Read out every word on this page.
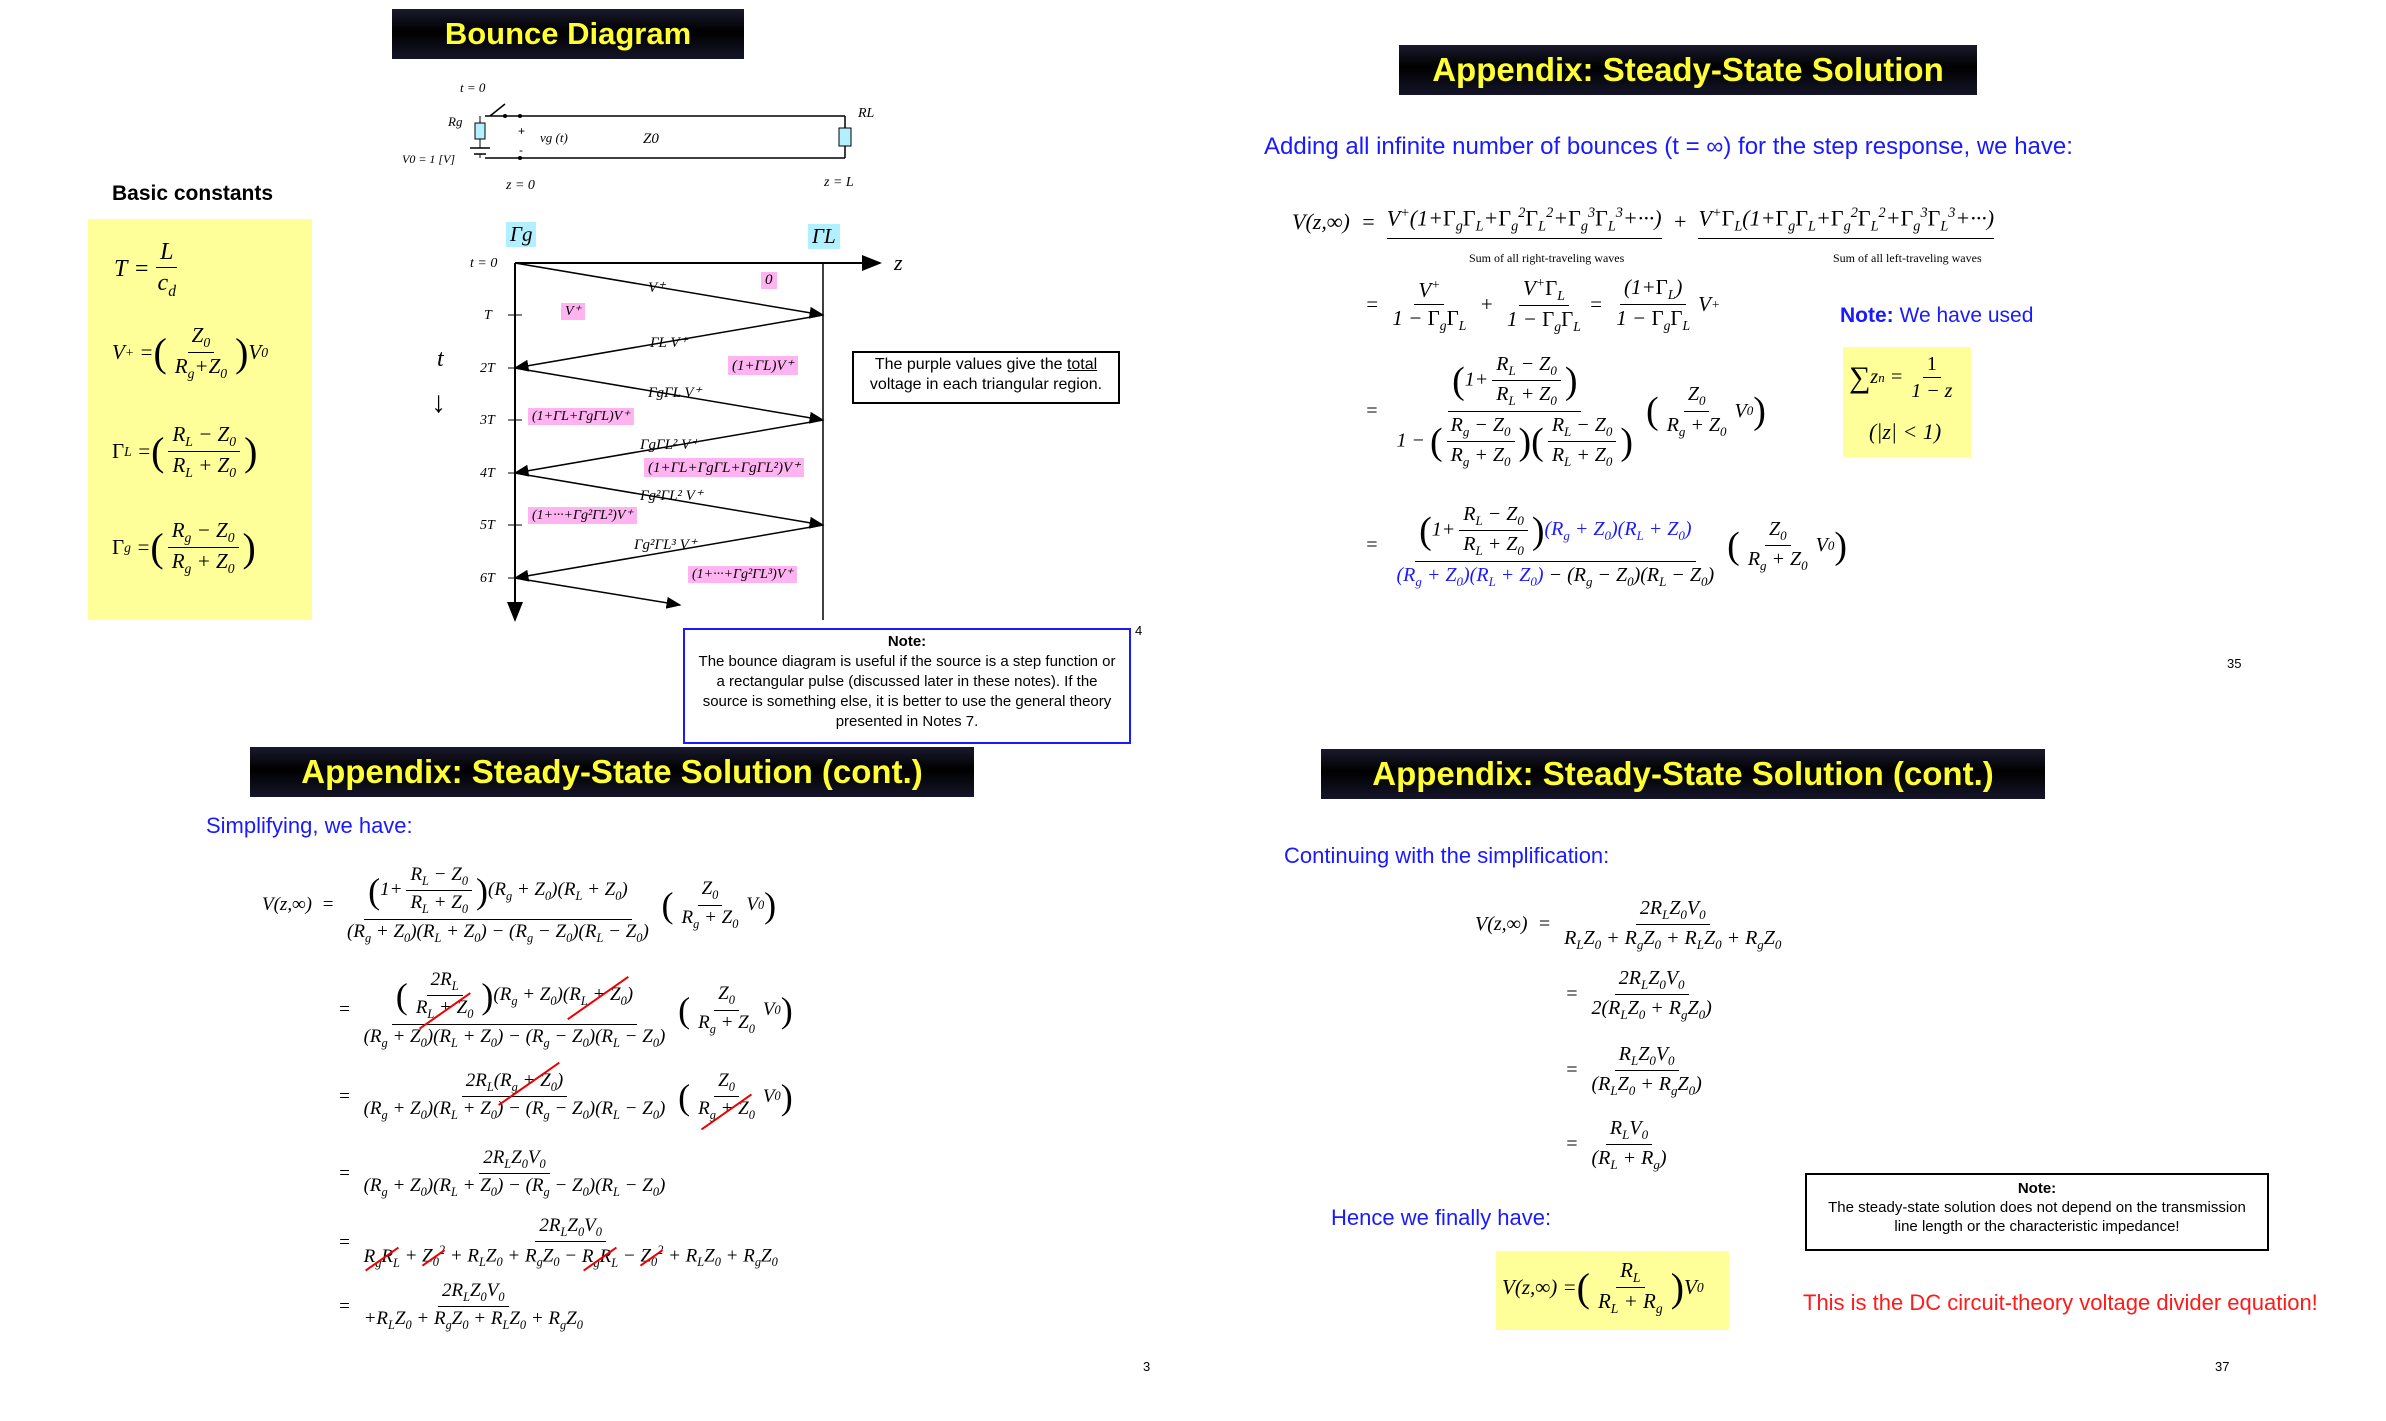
Bounce Diagram
Basic constants
$T = \frac{L}{c_d}$
V + = ( $\frac{Z_0}{R_g+Z_0}$ ) V 0
Γ L = ( $\frac{R_L - Z_0}{R_L + Z_0}$ )
Γ g = ( $\frac{R_g - Z_0}{R_g + Z_0}$ )
t = 0
Rg
RL
vg (t)	Z0
V0 = 1 [V]
+
-
z = 0	z = L
Γg	ΓL
z
t
↓
t = 0
T
2T
3T
4T
5T
6T
V⁺
ΓL V⁺
ΓgΓL V⁺
ΓgΓL² V⁺
Γg²ΓL² V⁺
Γg²ΓL³ V⁺
0
V⁺
(1+ΓL)V⁺
(1+ΓL+ΓgΓL)V⁺
(1+ΓL+ΓgΓL+ΓgΓL²)V⁺
(1+···+Γg²ΓL²)V⁺
(1+···+Γg²ΓL³)V⁺
The purple values give the total voltage in each triangular region.
Note:
The bounce diagram is useful if the source is a step function or a rectangular pulse (discussed later in these notes). If the source is something else, it is better to use the general theory presented in Notes 7.
4
Appendix: Steady-State Solution
Adding all infinite number of bounces (t = ∞) for the step response, we have:
$V(z,\infty) = V^+(1+\Gamma_g\Gamma_L+\Gamma_g^2\Gamma_L^2+\Gamma_g^3\Gamma_L^3+\cdot\cdot\cdot) + V^+\Gamma_L(1+\Gamma_g\Gamma_L+\Gamma_g^2\Gamma_L^2+\Gamma_g^3\Gamma_L^3+\cdot\cdot\cdot)$
Sum of all right-traveling waves	Sum of all left-traveling waves
= $\frac{V^+}{1 - \Gamma_g\Gamma_L} + \frac{V^+\Gamma_L}{1 - \Gamma_g\Gamma_L} = \frac{(1+\Gamma_L)}{1 - \Gamma_g\Gamma_L}$ V +	Note: We have used
∑ z $n = \frac{1}{1 - z}$
(|z| < 1)
= $\frac{(1+ \frac{R_L - Z_0}{R_L + Z_0} )}{1 - ( \frac{R_g - Z_0}{R_g + Z_0} )( \frac{R_L - Z_0}{R_L + Z_0} )}$
( $\frac{Z_0}{R_g + Z_0}$ V 0 )
= $\frac{(1+ \frac{R_L - Z_0}{R_L + Z_0} )(R_g + Z_0)(R_L + Z_0)}{(R_g + Z_0)(R_L + Z_0) - (R_g - Z_0)(R_L - Z_0)}$
( $\frac{Z_0}{R_g + Z_0}$ V 0 )
35
Appendix: Steady-State Solution (cont.)
Simplifying, we have:
$V(z,\infty) = \frac{(1+ \frac{R_L - Z_0}{R_L + Z_0} )(R_g + Z_0)(R_L + Z_0)}{(R_g + Z_0)(R_L + Z_0) - (R_g - Z_0)(R_L - Z_0)}$
( $\frac{Z_0}{R_g + Z_0}$ V 0 )
= $\frac{( \frac{2R_L}{R_L + Z_0} )(R_g + Z_0)(R_L + Z_0)}{(R_g + Z_0)(R_L + Z_0) - (R_g - Z_0)(R_L - Z_0)}$
( $\frac{Z_0}{R_g + Z_0}$ V 0 )
= $\frac{2R_L(R_g + Z_0)}{(R_g + Z_0)(R_L + Z_0) - (R_g - Z_0)(R_L - Z_0)}$
( $\frac{Z_0}{R_g + Z_0}$ V 0 )
= $\frac{2R_LZ_0V_0}{(R_g + Z_0)(R_L + Z_0) - (R_g - Z_0)(R_L - Z_0)}$
= $\frac{2R_LZ_0V_0}{R_gR_L + Z_0^2 + R_LZ_0 + R_gZ_0 - R_gR_L - Z_0^2 + R_LZ_0 + R_gZ_0}$
= $\frac{2R_LZ_0V_0}{+R_LZ_0 + R_gZ_0 + R_LZ_0 + R_gZ_0}$
3
Appendix: Steady-State Solution (cont.)
Continuing with the simplification:
$V(z,\infty) = \frac{2R_LZ_0V_0}{R_LZ_0 + R_gZ_0 + R_LZ_0 + R_gZ_0}$
= $\frac{2R_LZ_0V_0}{2(R_LZ_0 + R_gZ_0)}$
= $\frac{R_LZ_0V_0}{(R_LZ_0 + R_gZ_0)}$
= $\frac{R_LV_0}{(R_L + R_g)}$
Hence we finally have:
V(z,∞) = ( $\frac{R_L}{R_L + R_g}$ ) V 0
Note:
The steady-state solution does not depend on the transmission line length or the characteristic impedance!
This is the DC circuit-theory voltage divider equation!
37
